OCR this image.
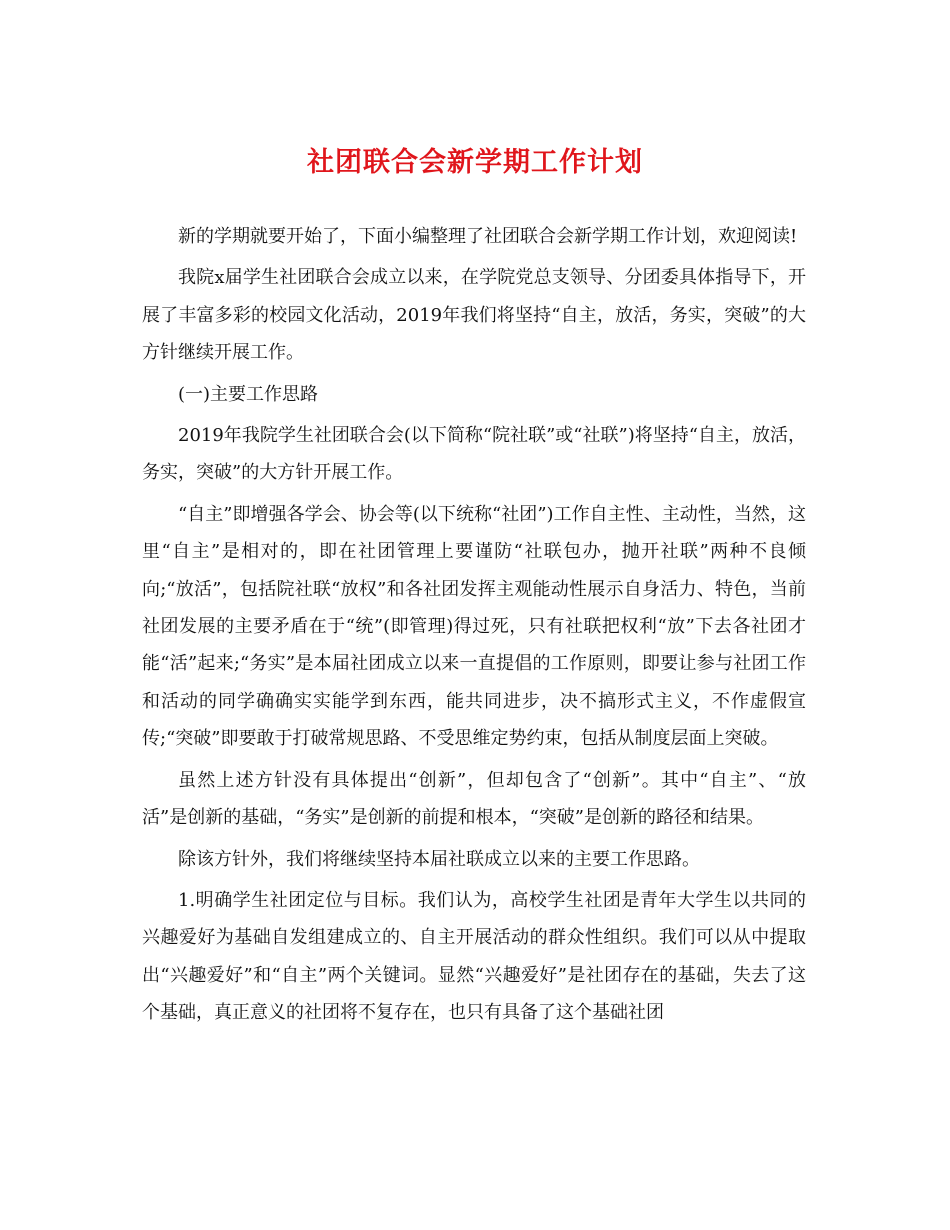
社团联合会新学期工作计划

新的学期就要开始了，下面小编整理了社团联合会新学期工作计划，欢迎阅读!

我院x届学生社团联合会成立以来，在学院党总支领导、分团委具体指导下，开展了丰富多彩的校园文化活动，2019年我们将坚持“自主，放活，务实，突破”的大方针继续开展工作。

(一)主要工作思路

2019年我院学生社团联合会(以下简称“院社联”或“社联”)将坚持“自主，放活，务实，突破”的大方针开展工作。

“自主”即增强各学会、协会等(以下统称“社团”)工作自主性、主动性，当然，这里“自主”是相对的，即在社团管理上要谨防“社联包办，抛开社联”两种不良倾向;“放活”，包括院社联“放权”和各社团发挥主观能动性展示自身活力、特色，当前社团发展的主要矛盾在于“统”(即管理)得过死，只有社联把权利“放”下去各社团才能“活”起来;“务实”是本届社团成立以来一直提倡的工作原则，即要让参与社团工作和活动的同学确确实实能学到东西，能共同进步，决不搞形式主义，不作虚假宣传;“突破”即要敢于打破常规思路、不受思维定势约束，包括从制度层面上突破。

虽然上述方针没有具体提出“创新”，但却包含了“创新”。其中“自主”、“放活”是创新的基础，“务实”是创新的前提和根本，“突破”是创新的路径和结果。

除该方针外，我们将继续坚持本届社联成立以来的主要工作思路。

1.明确学生社团定位与目标。我们认为，高校学生社团是青年大学生以共同的兴趣爱好为基础自发组建成立的、自主开展活动的群众性组织。我们可以从中提取出“兴趣爱好”和“自主”两个关键词。显然“兴趣爱好”是社团存在的基础，失去了这个基础，真正意义的社团将不复存在，也只有具备了这个基础社团
